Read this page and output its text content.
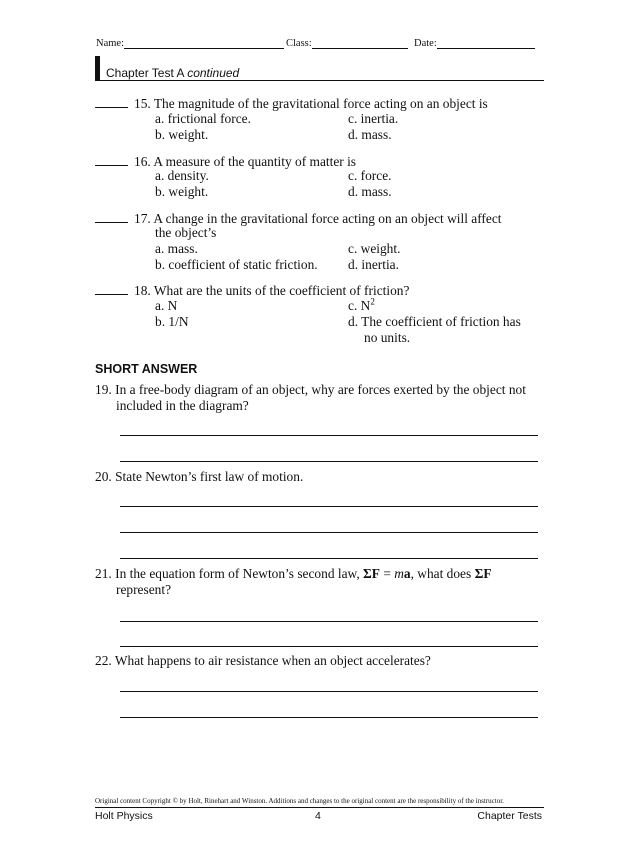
Name:	Class:	Date:
Chapter Test A continued
15. The magnitude of the gravitational force acting on an object is
a. frictional force.
b. weight.
c. inertia.
d. mass.
16. A measure of the quantity of matter is
a. density.
b. weight.
c. force.
d. mass.
17. A change in the gravitational force acting on an object will affect
the object’s
a. mass.
b. coefficient of static friction.
c. weight.
d. inertia.
18. What are the units of the coefficient of friction?
a. N
b. 1/N
c. $N^2$
d. The coefficient of friction has
no units.
SHORT ANSWER
19. In a free-body diagram of an object, why are forces exerted by the object not
included in the diagram?
20. State Newton’s first law of motion.
21. In the equation form of Newton’s second law, ΣF = ma, what does ΣF
represent?
22. What happens to air resistance when an object accelerates?
Original content Copyright © by Holt, Rinehart and Winston. Additions and changes to the original content are the responsibility of the instructor.
Holt Physics	4	Chapter Tests
